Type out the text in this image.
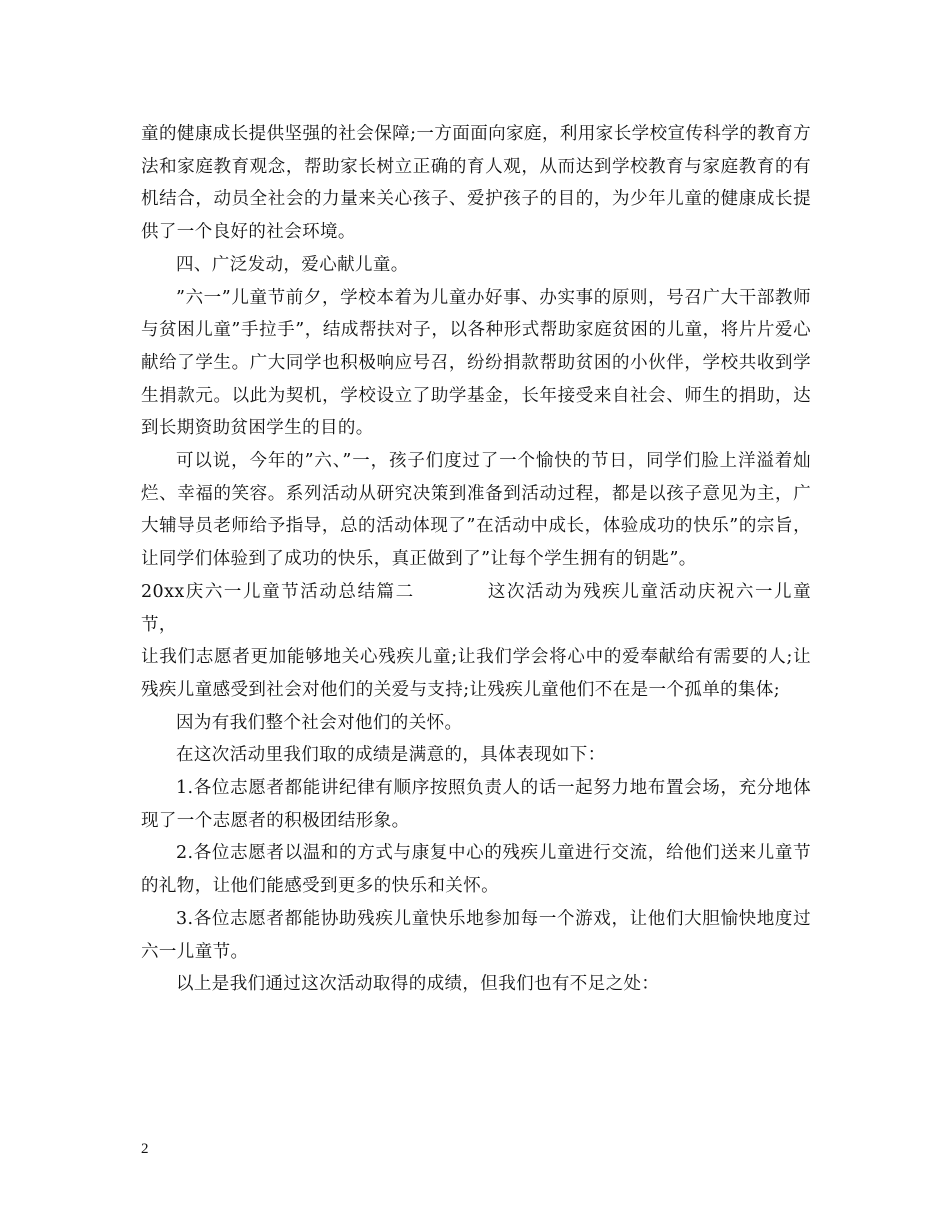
童的健康成长提供坚强的社会保障;一方面面向家庭，利用家长学校宣传科学的教育方法和家庭教育观念，帮助家长树立正确的育人观，从而达到学校教育与家庭教育的有机结合，动员全社会的力量来关心孩子、爱护孩子的目的，为少年儿童的健康成长提供了一个良好的社会环境。

四、广泛发动，爱心献儿童。

”六一”儿童节前夕，学校本着为儿童办好事、办实事的原则，号召广大干部教师与贫困儿童”手拉手”，结成帮扶对子，以各种形式帮助家庭贫困的儿童，将片片爱心献给了学生。广大同学也积极响应号召，纷纷捐款帮助贫困的小伙伴，学校共收到学生捐款元。以此为契机，学校设立了助学基金，长年接受来自社会、师生的捐助，达到长期资助贫困学生的目的。

可以说，今年的”六、”一，孩子们度过了一个愉快的节日，同学们脸上洋溢着灿烂、幸福的笑容。系列活动从研究决策到准备到活动过程，都是以孩子意见为主，广大辅导员老师给予指导，总的活动体现了”在活动中成长，体验成功的快乐”的宗旨，让同学们体验到了成功的快乐，真正做到了”让每个学生拥有的钥匙”。

20xx庆六一儿童节活动总结篇二	这次活动为残疾儿童活动庆祝六一儿童节，

让我们志愿者更加能够地关心残疾儿童;让我们学会将心中的爱奉献给有需要的人;让残疾儿童感受到社会对他们的关爱与支持;让残疾儿童他们不在是一个孤单的集体;

因为有我们整个社会对他们的关怀。

在这次活动里我们取的成绩是满意的，具体表现如下：

1.各位志愿者都能讲纪律有顺序按照负责人的话一起努力地布置会场，充分地体现了一个志愿者的积极团结形象。

2.各位志愿者以温和的方式与康复中心的残疾儿童进行交流，给他们送来儿童节的礼物，让他们能感受到更多的快乐和关怀。

3.各位志愿者都能协助残疾儿童快乐地参加每一个游戏，让他们大胆愉快地度过六一儿童节。

以上是我们通过这次活动取得的成绩，但我们也有不足之处：

2
